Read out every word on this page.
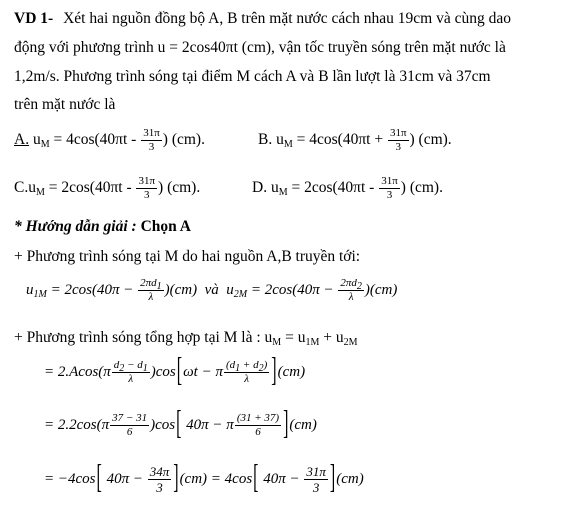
VD 1- Xét hai nguồn đồng bộ A, B trên mặt nước cách nhau 19cm và cùng dao
động với phương trình u = 2cos40πt (cm), vận tốc truyền sóng trên mặt nước là
1,2m/s. Phương trình sóng tại điểm M cách A và B lần lượt là 31cm và 37cm
trên mặt nước là
A. $u_M = 4\cos(40\pi t - \frac{31\pi}{3}$ ) (cm).	B. $u_M = 4\cos(40\pi t + \frac{31\pi}{3}$ ) (cm).
$C.u_M = 2\cos(40\pi t - \frac{31\pi}{3}$ ) (cm).	D. $u_M = 2\cos(40\pi t - \frac{31\pi}{3}$ ) (cm).
* Hướng dẫn giải : Chọn A
+ Phương trình sóng tại M do hai nguồn A,B truyền tới:
$u_{1M} = 2\cos(40\pi - \frac{2\pi d_1}{\lambda} )(cm)$  và  $u_{2M} = 2\cos(40\pi - \frac{2\pi d_2}{\lambda} )(cm)$
+ Phương trình sóng tổng hợp tại M là : $u_M = u_{1M} + u_{2M}$
= $2.Acos(\pi \frac{d_2 - d_1}{\lambda} )\cos[\omega t - \pi \frac{(d_1 + d_2)}{\lambda} ](cm)$
= $2.2\cos(\pi \frac{37 - 31}{6} )\cos$[ 40π − π $\frac{(31 + 37)}{6} ](cm)$
= −4cos[ $40\pi - \frac{34\pi}{3} ](cm) = 4\cos$[ $40\pi - \frac{31\pi}{3} ](cm)$
